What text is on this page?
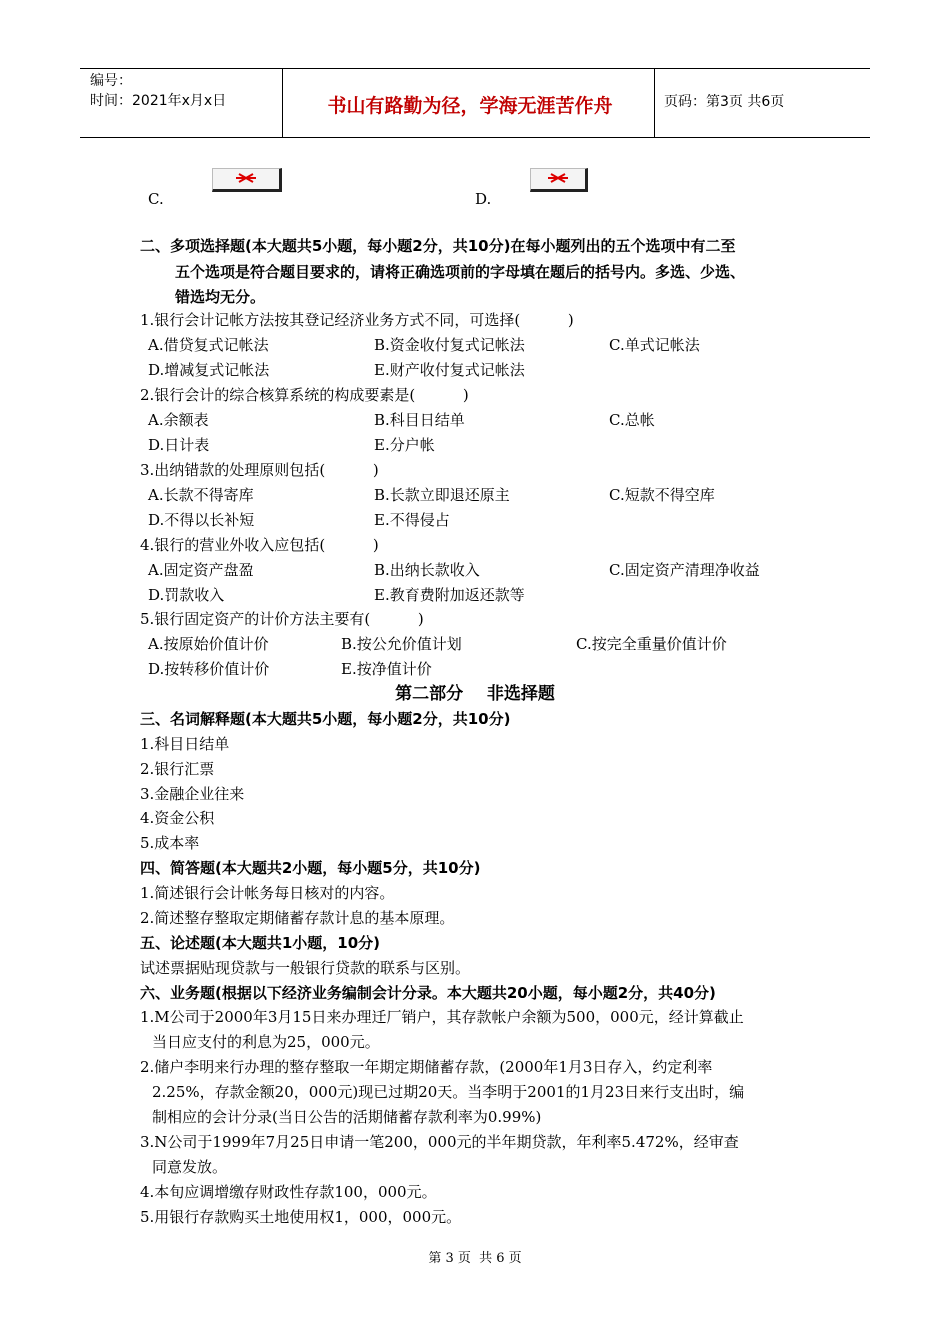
编号：
时间：2021年x月x日	书山有路勤为径，学海无涯苦作舟	页码：第3页 共6页
C.	D.
二、多项选择题(本大题共5小题，每小题2分，共10分)在每小题列出的五个选项中有二至
五个选项是符合题目要求的，请将正确选项前的字母填在题后的括号内。多选、少选、
错选均无分。
1.银行会计记帐方法按其登记经济业务方式不同，可选择(          )
A.借贷复式记帐法	B.资金收付复式记帐法	C.单式记帐法
D.增减复式记帐法	E.财产收付复式记帐法
2.银行会计的综合核算系统的构成要素是(          )
A.余额表	B.科目日结单	C.总帐
D.日计表	E.分户帐
3.出纳错款的处理原则包括(          )
A.长款不得寄库	B.长款立即退还原主	C.短款不得空库
D.不得以长补短	E.不得侵占
4.银行的营业外收入应包括(          )
A.固定资产盘盈	B.出纳长款收入	C.固定资产清理净收益
D.罚款收入	E.教育费附加返还款等
5.银行固定资产的计价方法主要有(          )
A.按原始价值计价	B.按公允价值计划	C.按完全重量价值计价
D.按转移价值计价	E.按净值计价
第二部分    非选择题
三、名词解释题(本大题共5小题，每小题2分，共10分)
1.科目日结单
2.银行汇票
3.金融企业往来
4.资金公积
5.成本率
四、简答题(本大题共2小题，每小题5分，共10分)
1.简述银行会计帐务每日核对的内容。
2.简述整存整取定期储蓄存款计息的基本原理。
五、论述题(本大题共1小题，10分)
试述票据贴现贷款与一般银行贷款的联系与区别。
六、业务题(根据以下经济业务编制会计分录。本大题共20小题，每小题2分，共40分)
1.M公司于2000年3月15日来办理迁厂销户，其存款帐户余额为500，000元，经计算截止
当日应支付的利息为25，000元。
2.储户李明来行办理的整存整取一年期定期储蓄存款，(2000年1月3日存入，约定利率
2.25%，存款金额20，000元)现已过期20天。当李明于2001的1月23日来行支出时，编
制相应的会计分录(当日公告的活期储蓄存款利率为0.99%)
3.N公司于1999年7月25日申请一笔200，000元的半年期贷款，年利率5.472%，经审查
同意发放。
4.本旬应调增缴存财政性存款100，000元。
5.用银行存款购买土地使用权1，000，000元。
第 3 页  共 6 页
